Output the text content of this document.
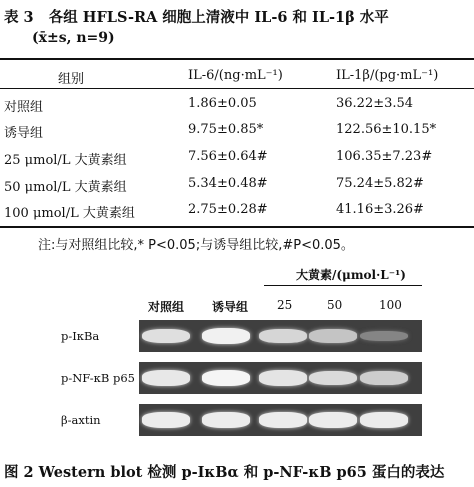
表 3 各组 HFLS-RA 细胞上清液中 IL-6 和 IL-1β 水平
(x̄±s, n=9)
组别	IL-6/(ng·mL⁻¹)	IL-1β/(pg·mL⁻¹)
对照组	1.86±0.05	36.22±3.54
诱导组	9.75±0.85*	122.56±10.15*
25 μmol/L 大黄素组	7.56±0.64#	106.35±7.23#
50 μmol/L 大黄素组	5.34±0.48#	75.24±5.82#
100 μmol/L 大黄素组	2.75±0.28#	41.16±3.26#
注:与对照组比较,* P<0.05;与诱导组比较,#P<0.05。
大黄素/(μmol·L⁻¹)
对照组 诱导组 25	50	100
p-IκBa
p-NF-κB p65
β-axtin
图 2 Western blot 检测 p-IκBα 和 p-NF-κB p65 蛋白的表达
